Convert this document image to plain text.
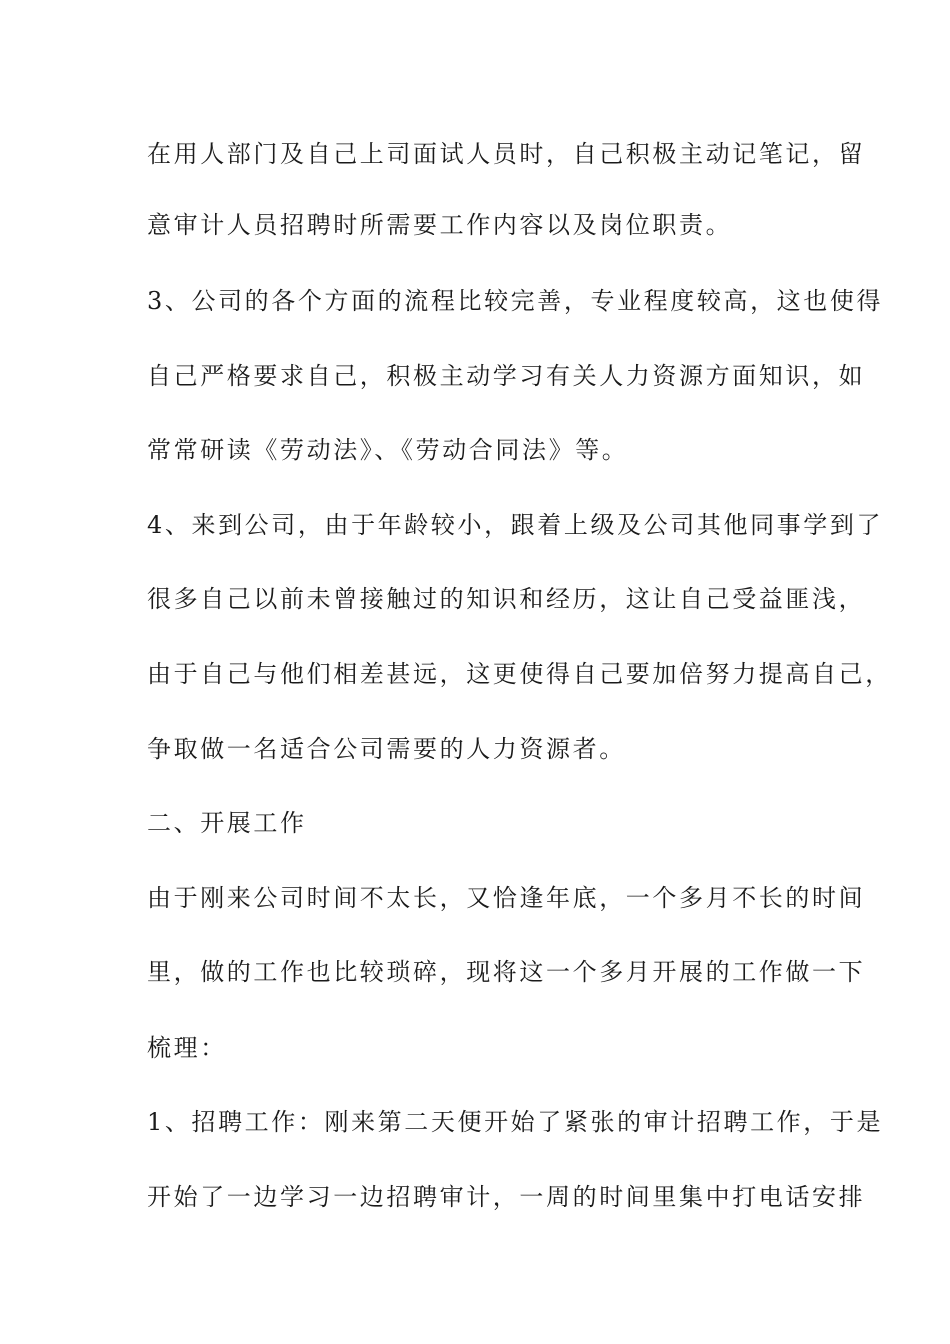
在用人部门及自己上司面试人员时，自己积极主动记笔记，留

意审计人员招聘时所需要工作内容以及岗位职责。

3、公司的各个方面的流程比较完善，专业程度较高，这也使得

自己严格要求自己，积极主动学习有关人力资源方面知识，如

常常研读《劳动法》、《劳动合同法》等。

4、来到公司，由于年龄较小，跟着上级及公司其他同事学到了

很多自己以前未曾接触过的知识和经历，这让自己受益匪浅，

由于自己与他们相差甚远，这更使得自己要加倍努力提高自己，

争取做一名适合公司需要的人力资源者。

二、开展工作

由于刚来公司时间不太长，又恰逢年底，一个多月不长的时间

里，做的工作也比较琐碎，现将这一个多月开展的工作做一下

梳理：

1、招聘工作：刚来第二天便开始了紧张的审计招聘工作，于是

开始了一边学习一边招聘审计，一周的时间里集中打电话安排
